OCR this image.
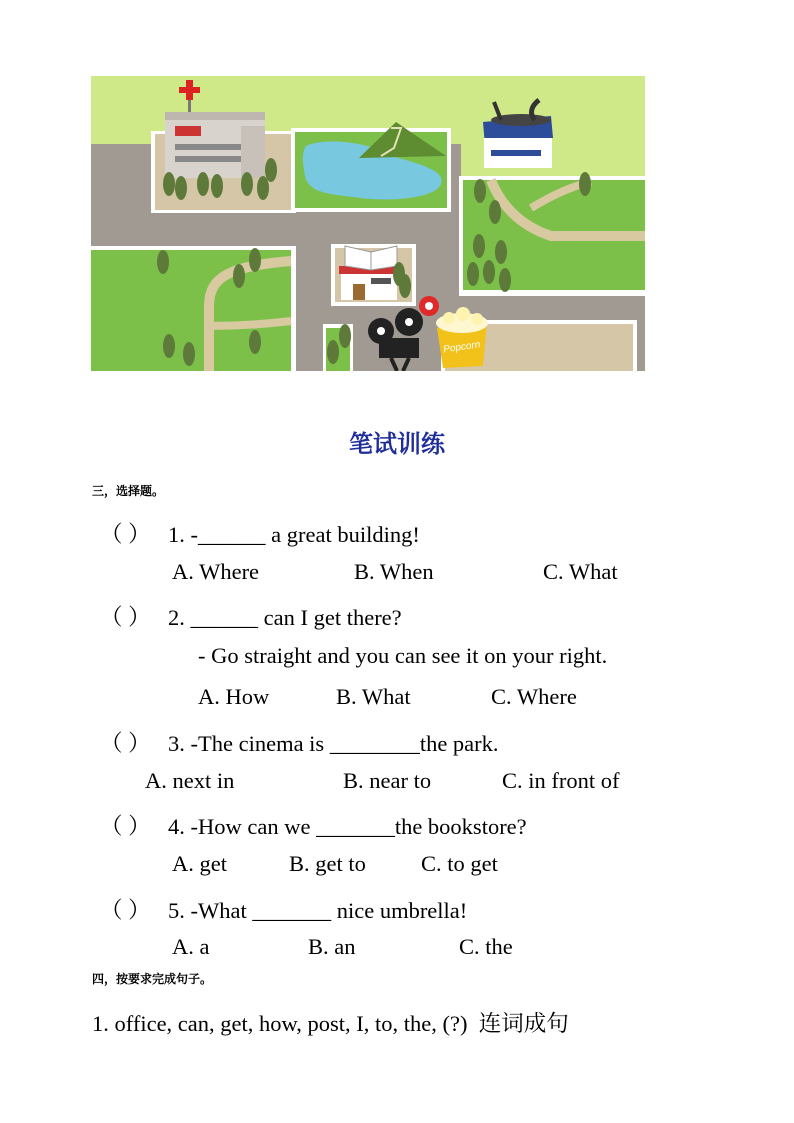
Popcorn
笔试训练
三，选择题。
（ ） 1. -______ a great building!
A. Where	B. When	C. What
（ ） 2. ______ can I get there?
- Go straight and you can see it on your right.
A. How	B. What	C. Where
（ ） 3. -The cinema is ________the park.
A. next in	B. near to	C. in front of
（ ） 4. -How can we _______the bookstore?
A. get	B. get to C. to get
（ ） 5. -What _______ nice umbrella!
A. a	B. an	C. the
四，按要求完成句子。
1. office, can, get, how, post, I, to, the, (?)  连词成句
